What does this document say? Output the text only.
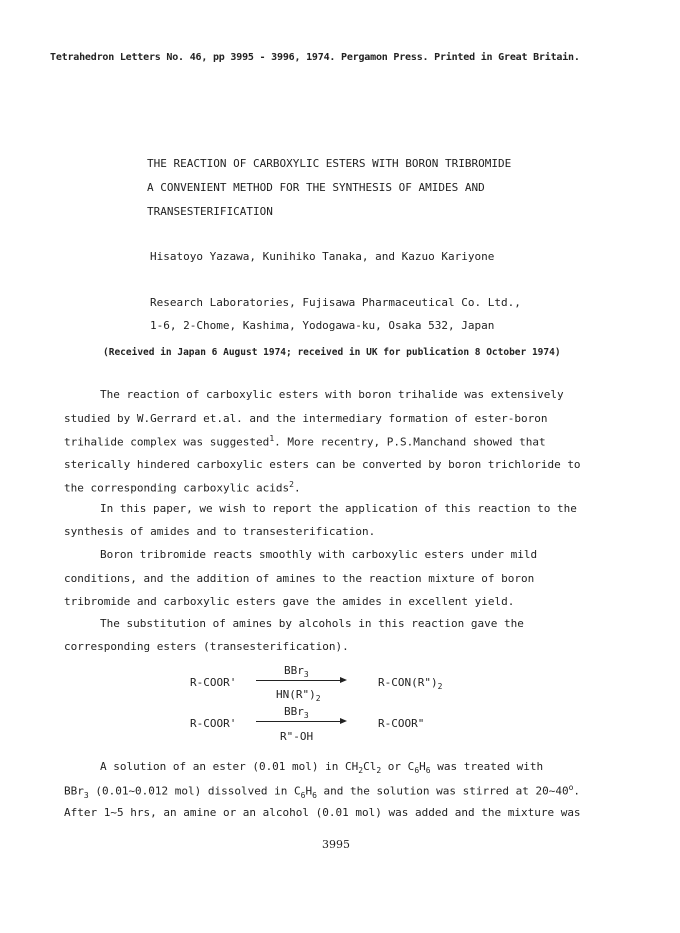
Tetrahedron Letters No. 46, pp 3995 - 3996, 1974. Pergamon Press. Printed in Great Britain.
THE REACTION OF CARBOXYLIC ESTERS WITH BORON TRIBROMIDE
A CONVENIENT METHOD FOR THE SYNTHESIS OF AMIDES AND
TRANSESTERIFICATION
Hisatoyo Yazawa, Kunihiko Tanaka, and Kazuo Kariyone
Research Laboratories, Fujisawa Pharmaceutical Co. Ltd.,
1-6, 2-Chome, Kashima, Yodogawa-ku, Osaka 532, Japan
(Received in Japan 6 August 1974; received in UK for publication 8 October 1974)
The reaction of carboxylic esters with boron trihalide was extensively
studied by W.Gerrard et.al. and the intermediary formation of ester-boron
trihalide complex was suggested$^1$. More recentry, P.S.Manchand showed that
sterically hindered carboxylic esters can be converted by boron trichloride to
the corresponding carboxylic acids$^2$.
In this paper, we wish to report the application of this reaction to the
synthesis of amides and to transesterification.
Boron tribromide reacts smoothly with carboxylic esters under mild
conditions, and the addition of amines to the reaction mixture of boron
tribromide and carboxylic esters gave the amides in excellent yield.
The substitution of amines by alcohols in this reaction gave the
corresponding esters (transesterification).
R-COOR'
BBr$_3$
$HN(R")_2$
$R-CON(R")_2$
R-COOR'
BBr$_3$
R"-OH
R-COOR"
A solution of an ester (0.01 mol) in $CH_2Cl_2$ or $C_6H_6$ was treated with
BBr$_3$ (0.01~0.012 mol) dissolved in $C_6H_6$ and the solution was stirred at 20~40$^o$.
After 1~5 hrs, an amine or an alcohol (0.01 mol) was added and the mixture was
3995
